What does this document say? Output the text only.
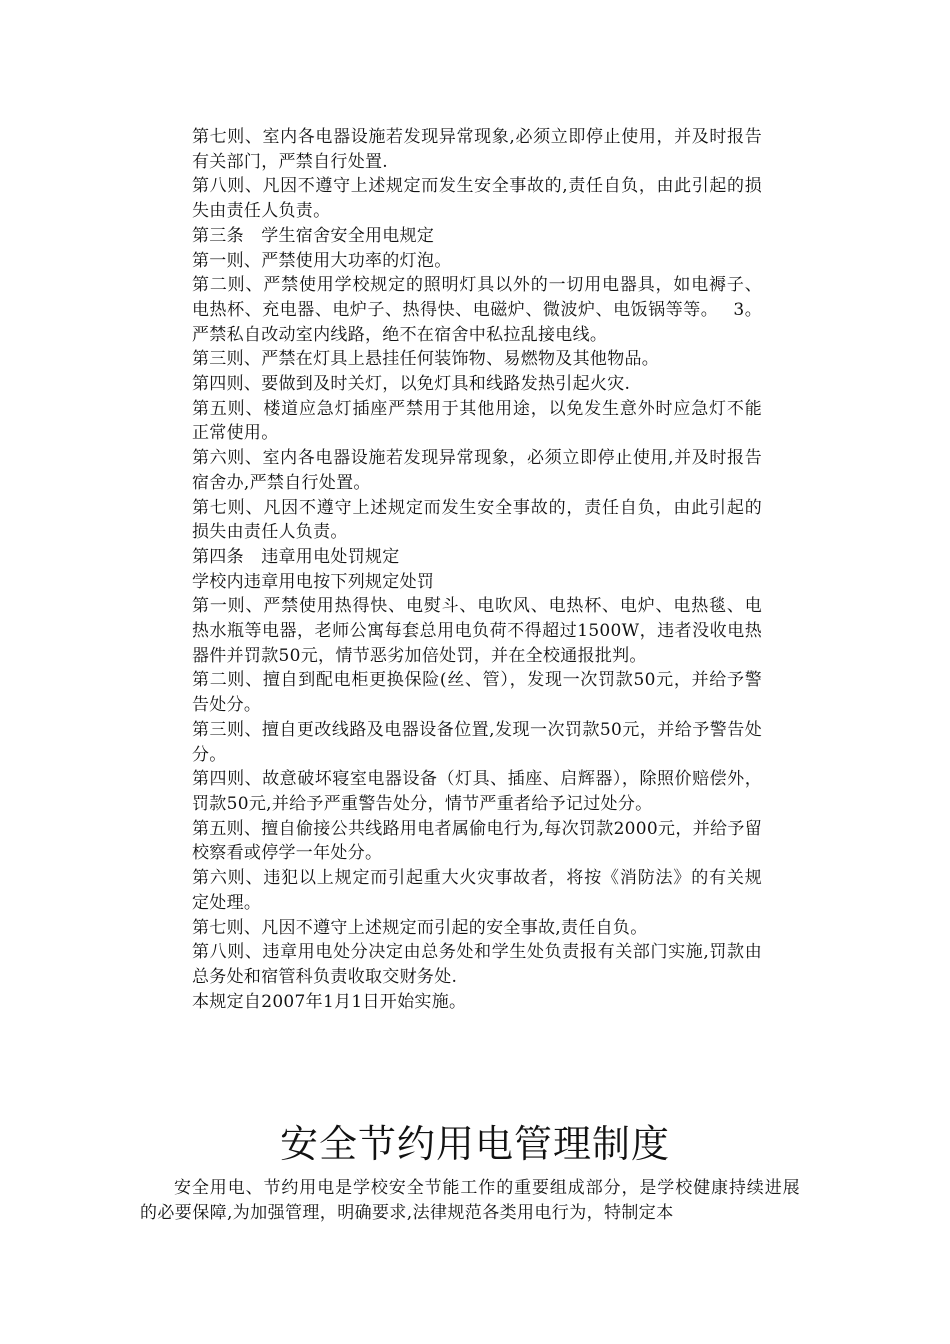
第七则、室内各电器设施若发现异常现象,必须立即停止使用，并及时报告有关部门，严禁自行处置.

第八则、凡因不遵守上述规定而发生安全事故的,责任自负，由此引起的损失由责任人负责。

第三条　学生宿舍安全用电规定

第一则、严禁使用大功率的灯泡。

第二则、严禁使用学校规定的照明灯具以外的一切用电器具，如电褥子、电热杯、充电器、电炉子、热得快、电磁炉、微波炉、电饭锅等等。　 3。严禁私自改动室内线路，绝不在宿舍中私拉乱接电线。

第三则、严禁在灯具上悬挂任何装饰物、易燃物及其他物品。

第四则、要做到及时关灯，以免灯具和线路发热引起火灾.

第五则、楼道应急灯插座严禁用于其他用途，以免发生意外时应急灯不能正常使用。

第六则、室内各电器设施若发现异常现象，必须立即停止使用,并及时报告宿舍办,严禁自行处置。

第七则、凡因不遵守上述规定而发生安全事故的，责任自负，由此引起的损失由责任人负责。

第四条　违章用电处罚规定

学校内违章用电按下列规定处罚

第一则、严禁使用热得快、电熨斗、电吹风、电热杯、电炉、电热毯、电热水瓶等电器，老师公寓每套总用电负荷不得超过1500W，违者没收电热器件并罚款50元，情节恶劣加倍处罚，并在全校通报批判。

第二则、擅自到配电柜更换保险(丝、管），发现一次罚款50元，并给予警告处分。

第三则、擅自更改线路及电器设备位置,发现一次罚款50元，并给予警告处分。

第四则、故意破坏寝室电器设备（灯具、插座、启辉器），除照价赔偿外，罚款50元,并给予严重警告处分，情节严重者给予记过处分。

第五则、擅自偷接公共线路用电者属偷电行为,每次罚款2000元，并给予留校察看或停学一年处分。

第六则、违犯以上规定而引起重大火灾事故者，将按《消防法》的有关规定处理。

第七则、凡因不遵守上述规定而引起的安全事故,责任自负。

第八则、违章用电处分决定由总务处和学生处负责报有关部门实施,罚款由总务处和宿管科负责收取交财务处.

本规定自2007年1月1日开始实施。

安全节约用电管理制度

安全用电、节约用电是学校安全节能工作的重要组成部分，是学校健康持续进展的必要保障,为加强管理，明确要求,法律规范各类用电行为，特制定本
